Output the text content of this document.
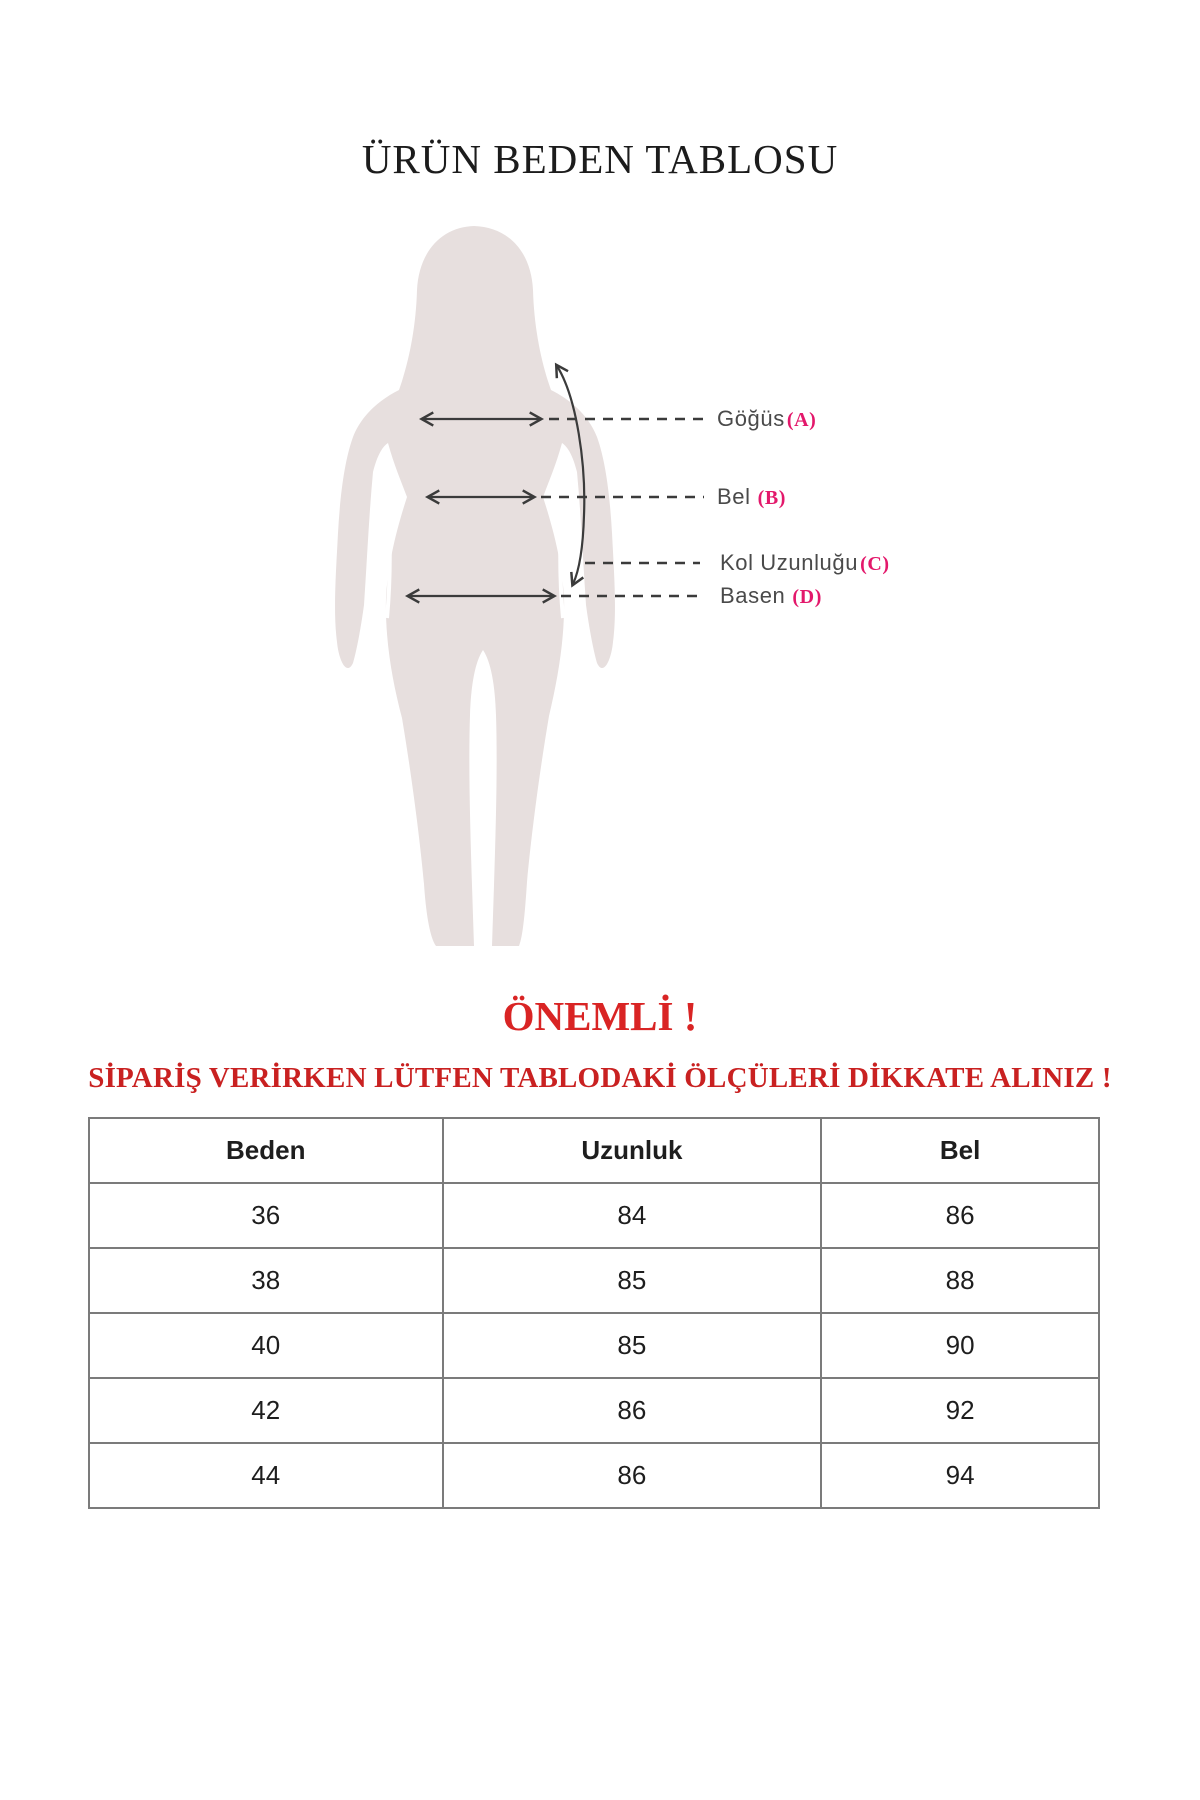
ÜRÜN BEDEN TABLOSU
Göğüs (A)
Bel (B)
Kol Uzunluğu (C)
Basen (D)
ÖNEMLİ !
SİPARİŞ VERİRKEN LÜTFEN TABLODAKİ ÖLÇÜLERİ DİKKATE ALINIZ !
Beden	Uzunluk	Bel
36	84	86
38	85	88
40	85	90
42	86	92
44	86	94
